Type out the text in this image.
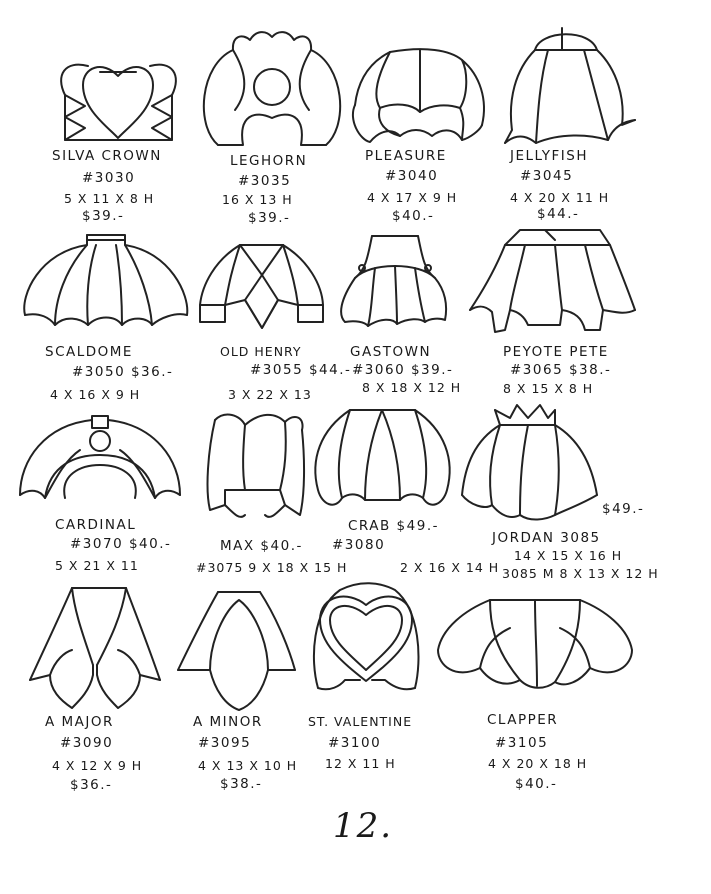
SILVA CROWN
#3030
5 X 11 X 8 H
$39.-
LEGHORN
#3035
16 X 13 H
$39.-
PLEASURE
#3040
4 X 17 X 9 H
$40.-
JELLYFISH
#3045
4 X 20 X 11 H
$44.-
SCALDOME
#3050 $36.-
4 X 16 X 9 H
OLD HENRY
#3055 $44.-
3 X 22 X 13
GASTOWN
#3060 $39.-
8 X 18 X 12 H
PEYOTE PETE
#3065 $38.-
8 X 15 X 8 H
CARDINAL
#3070 $40.-
5 X 21 X 11
MAX $40.-
#3075 9 X 18 X 15 H
CRAB $49.-
#3080
2 X 16 X 14 H
$49.-
JORDAN 3085
14 X 15 X 16 H
3085 M 8 X 13 X 12 H
A MAJOR
#3090
4 X 12 X 9 H
$36.-
A MINOR
#3095
4 X 13 X 10 H
$38.-
ST. VALENTINE
#3100
12 X 11 H
CLAPPER
#3105
4 X 20 X 18 H
$40.-
12.
